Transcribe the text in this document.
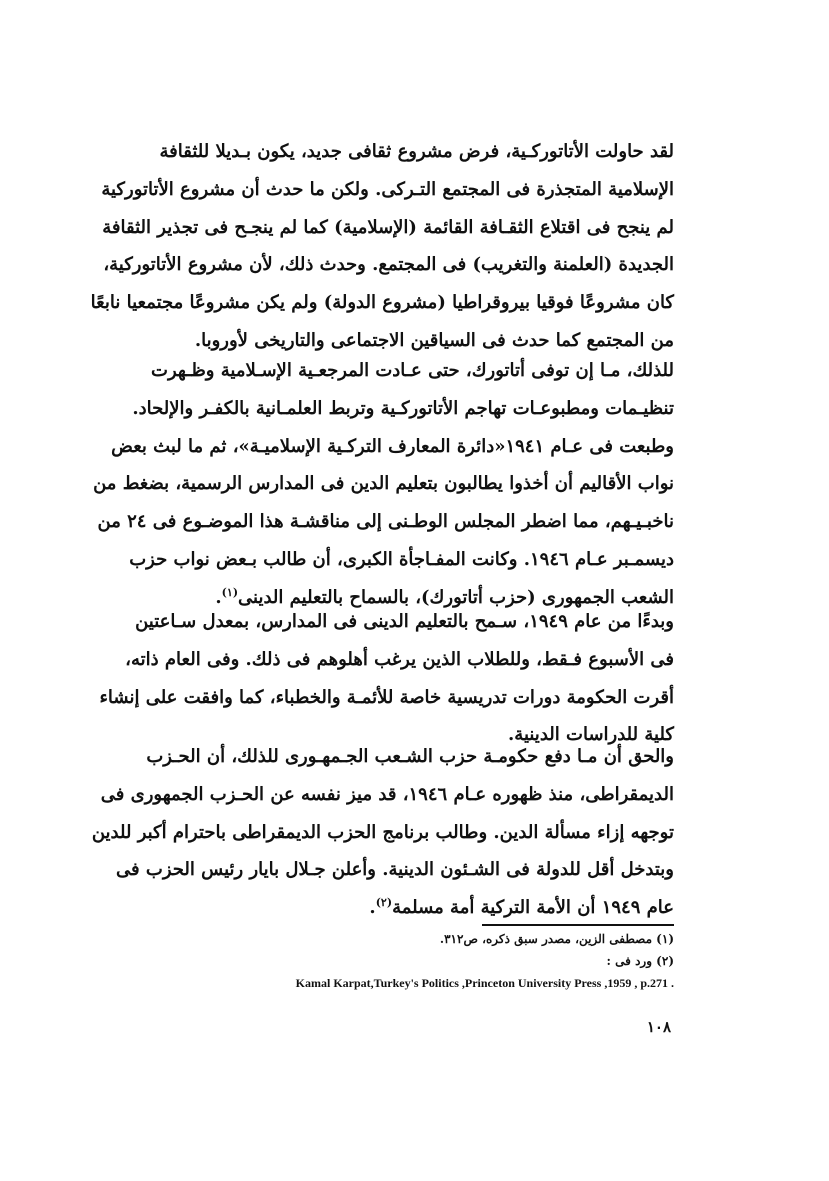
لقد حاولت الأتاتوركـية، فرض مشروع ثقافى جديد، يكون بـديلا للثقافة
الإسلامية المتجذرة فى المجتمع التـركى. ولكن ما حدث أن مشروع الأتاتوركية
لم ينجح فى اقتلاع الثقـافة القائمة (الإسلامية) كما لم ينجـح فى تجذير الثقافة
الجديدة (العلمنة والتغريب) فى المجتمع. وحدث ذلك، لأن مشروع الأتاتوركية،
كان مشروعًا فوقيا بيروقراطيا (مشروع الدولة) ولم يكن مشروعًا مجتمعيا نابعًا
من المجتمع كما حدث فى السياقين الاجتماعى والتاريخى لأوروبا.
للذلك، مـا إن توفى أتاتورك، حتى عـادت المرجعـية الإسـلامية وظـهرت
تنظيـمات ومطبوعـات تهاجم الأتاتوركـية وتربط العلمـانية بالكفـر والإلحاد.
وطبعت فى عـام ١٩٤١«دائرة المعارف التركـية الإسلاميـة»، ثم ما لبث بعض
نواب الأقاليم أن أخذوا يطالبون بتعليم الدين فى المدارس الرسمية، بضغط من
ناخبـيـهم، مما اضطر المجلس الوطـنى إلى مناقشـة هذا الموضـوع فى ٢٤ من
ديسمـبر عـام ١٩٤٦. وكانت المفـاجأة الكبرى، أن طالب بـعض نواب حزب
الشعب الجمهورى (حزب أتاتورك)، بالسماح بالتعليم الدينى$^{(١)}$.
وبدءًا من عام ١٩٤٩، سـمح بالتعليم الدينى فى المدارس، بمعدل سـاعتين
فى الأسبوع فـقط، وللطلاب الذين يرغب أهلوهم فى ذلك. وفى العام ذاته،
أقرت الحكومة دورات تدريسية خاصة للأئمـة والخطباء، كما وافقت على إنشاء
كلية للدراسات الدينية.
والحق أن مـا دفع حكومـة حزب الشـعب الجـمهـورى للذلك، أن الحـزب
الديمقراطى، منذ ظهوره عـام ١٩٤٦، قد ميز نفسه عن الحـزب الجمهورى فى
توجهه إزاء مسألة الدين. وطالب برنامج الحزب الديمقراطى باحترام أكبر للدين
وبتدخل أقل للدولة فى الشـئون الدينية. وأعلن جـلال بايار رئيس الحزب فى
عام ١٩٤٩ أن الأمة التركية أمة مسلمة$^{(٢)}$.
(١) مصطفى الزين، مصدر سبق ذكره، ص٣١٢.
(٢) ورد فى :
Kamal Karpat,Turkey's Politics ,Princeton University Press ,1959 , p.271 .
١٠٨
